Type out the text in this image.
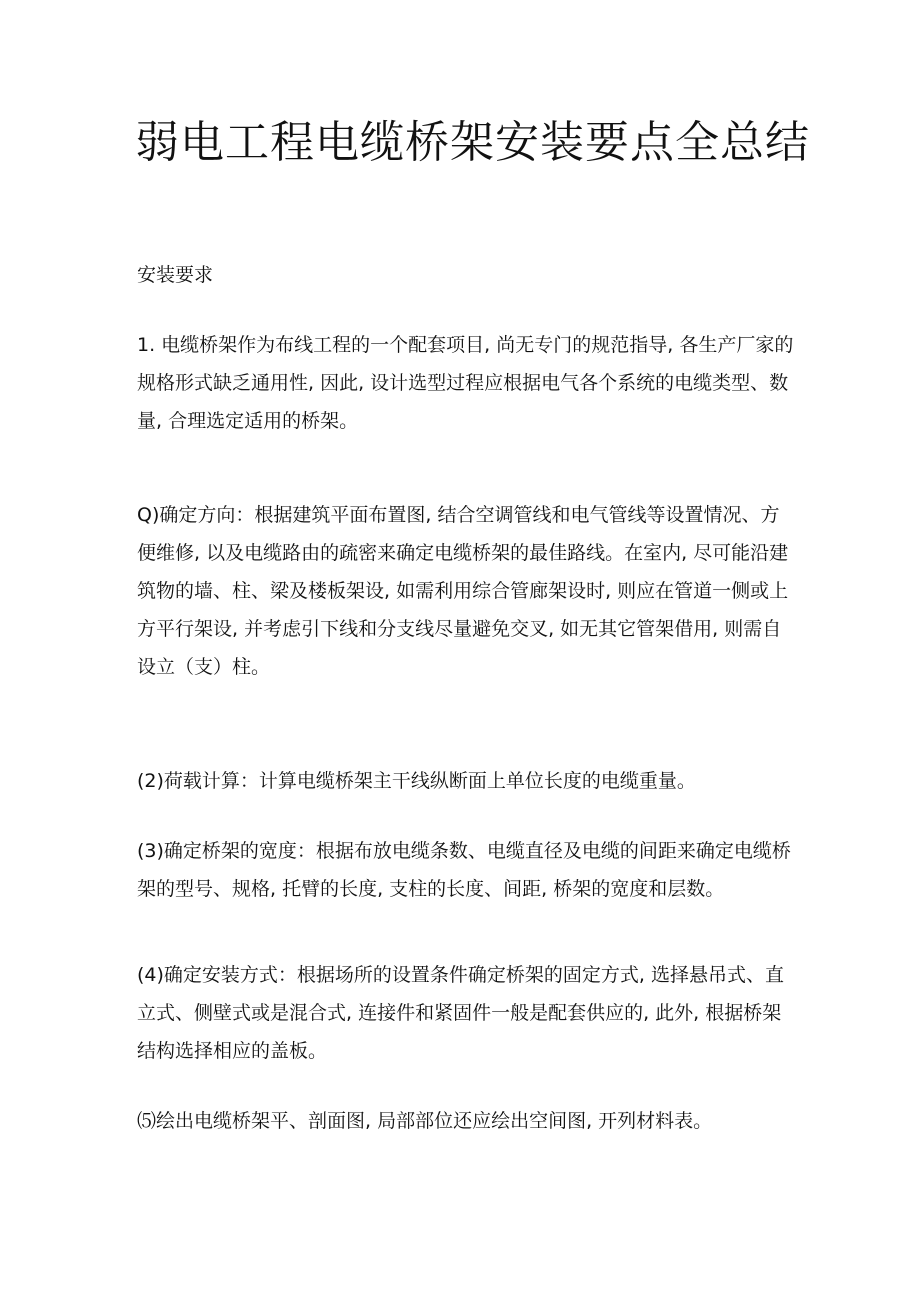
弱电工程电缆桥架安装要点全总结

安装要求

1. 电缆桥架作为布线工程的一个配套项目, 尚无专门的规范指导, 各生产厂家的规格形式缺乏通用性, 因此, 设计选型过程应根据电气各个系统的电缆类型、数量, 合理选定适用的桥架。

Q)确定方向：根据建筑平面布置图, 结合空调管线和电气管线等设置情况、方便维修, 以及电缆路由的疏密来确定电缆桥架的最佳路线。在室内, 尽可能沿建筑物的墙、柱、梁及楼板架设, 如需利用综合管廊架设时, 则应在管道一侧或上方平行架设, 并考虑引下线和分支线尽量避免交叉, 如无其它管架借用, 则需自设立（支）柱。

(2)荷载计算：计算电缆桥架主干线纵断面上单位长度的电缆重量。

(3)确定桥架的宽度：根据布放电缆条数、电缆直径及电缆的间距来确定电缆桥架的型号、规格, 托臂的长度, 支柱的长度、间距, 桥架的宽度和层数。

(4)确定安装方式：根据场所的设置条件确定桥架的固定方式, 选择悬吊式、直立式、侧壁式或是混合式, 连接件和紧固件一般是配套供应的, 此外, 根据桥架结构选择相应的盖板。

⑸绘出电缆桥架平、剖面图, 局部部位还应绘出空间图, 开列材料表。
